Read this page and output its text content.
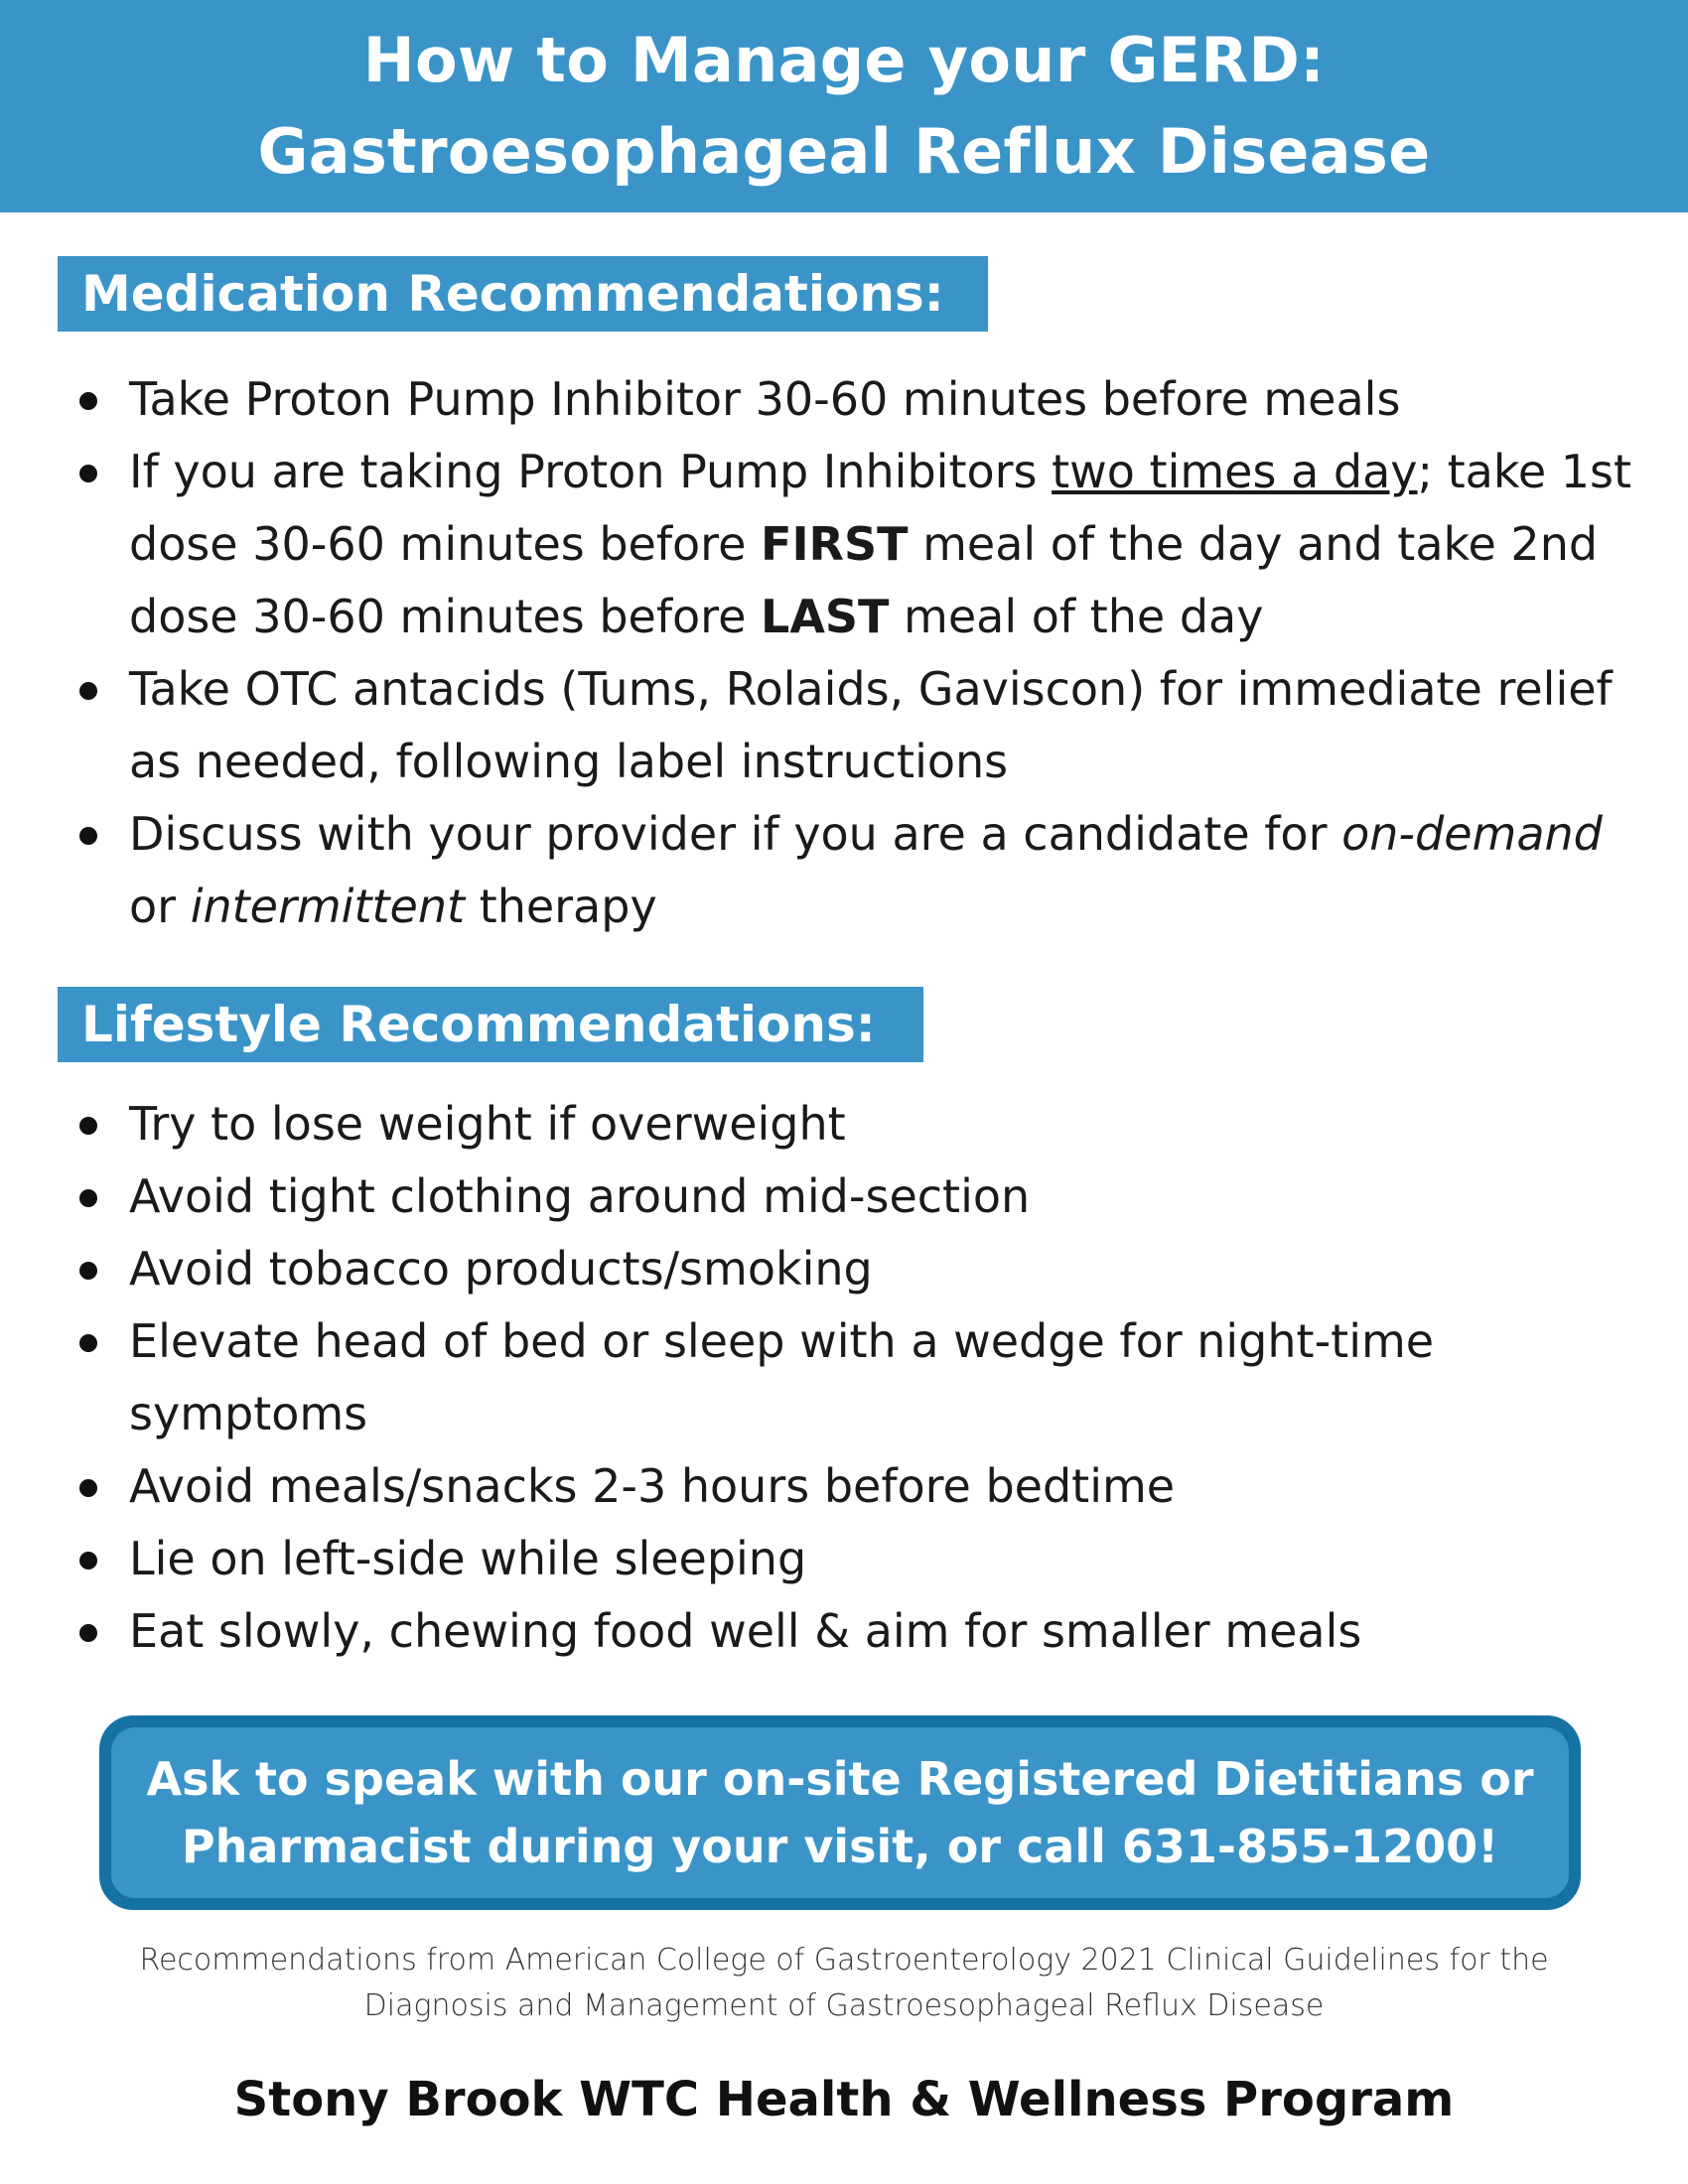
How to Manage your GERD:
Gastroesophageal Reflux Disease
Medication Recommendations:
Take Proton Pump Inhibitor 30-60 minutes before meals
If you are taking Proton Pump Inhibitors two times a day; take 1st dose 30-60 minutes before FIRST meal of the day and take 2nd dose 30-60 minutes before LAST meal of the day
Take OTC antacids (Tums, Rolaids, Gaviscon) for immediate relief as needed, following label instructions
Discuss with your provider if you are a candidate for on-demand or intermittent therapy
Lifestyle Recommendations:
Try to lose weight if overweight
Avoid tight clothing around mid-section
Avoid tobacco products/smoking
Elevate head of bed or sleep with a wedge for night-time symptoms
Avoid meals/snacks 2-3 hours before bedtime
Lie on left-side while sleeping
Eat slowly, chewing food well & aim for smaller meals
Ask to speak with our on-site Registered Dietitians or
Pharmacist during your visit, or call 631-855-1200!
Recommendations from American College of Gastroenterology 2021 Clinical Guidelines for the
Diagnosis and Management of Gastroesophageal Reflux Disease
Stony Brook WTC Health & Wellness Program
